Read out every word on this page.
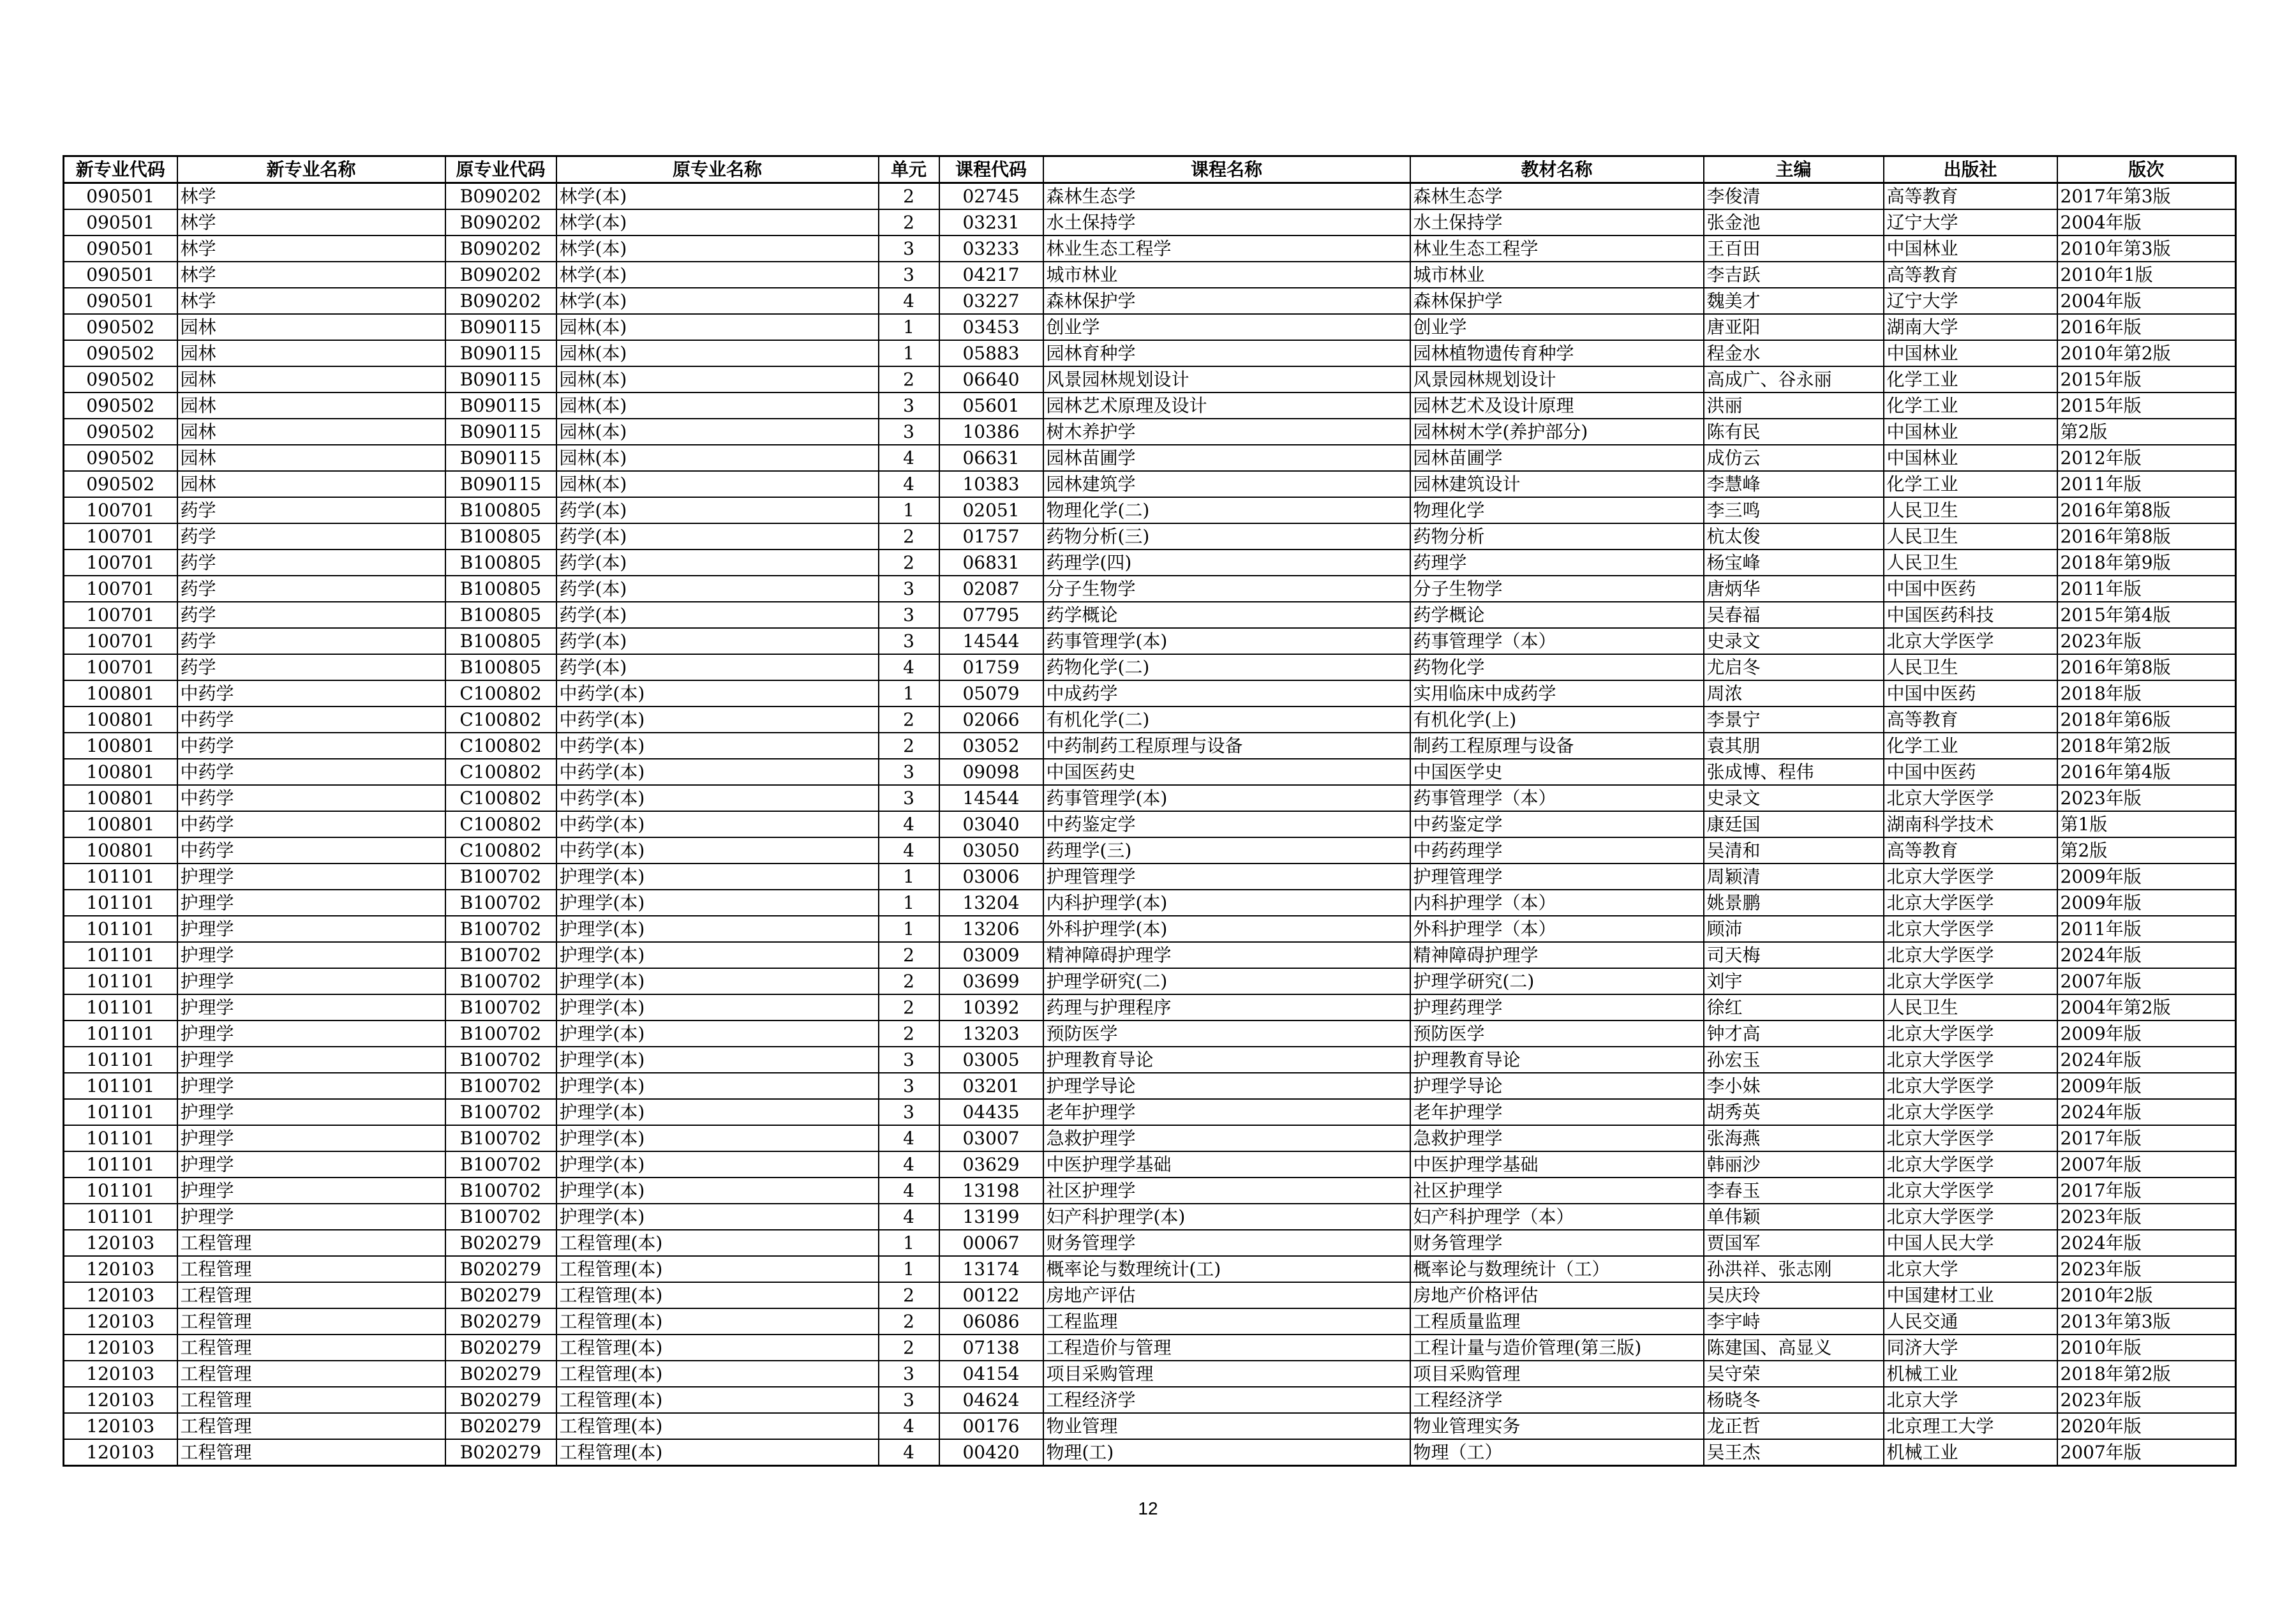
新专业代码	新专业名称	原专业代码	原专业名称	单元	课程代码	课程名称	教材名称	主编	出版社	版次
090501	林学	B090202	林学(本)	2	02745	森林生态学	森林生态学	李俊清	高等教育	2017年第3版
090501	林学	B090202	林学(本)	2	03231	水土保持学	水土保持学	张金池	辽宁大学	2004年版
090501	林学	B090202	林学(本)	3	03233	林业生态工程学	林业生态工程学	王百田	中国林业	2010年第3版
090501	林学	B090202	林学(本)	3	04217	城市林业	城市林业	李吉跃	高等教育	2010年1版
090501	林学	B090202	林学(本)	4	03227	森林保护学	森林保护学	魏美才	辽宁大学	2004年版
090502	园林	B090115	园林(本)	1	03453	创业学	创业学	唐亚阳	湖南大学	2016年版
090502	园林	B090115	园林(本)	1	05883	园林育种学	园林植物遗传育种学	程金水	中国林业	2010年第2版
090502	园林	B090115	园林(本)	2	06640	风景园林规划设计	风景园林规划设计	高成广、谷永丽	化学工业	2015年版
090502	园林	B090115	园林(本)	3	05601	园林艺术原理及设计	园林艺术及设计原理	洪丽	化学工业	2015年版
090502	园林	B090115	园林(本)	3	10386	树木养护学	园林树木学(养护部分)	陈有民	中国林业	第2版
090502	园林	B090115	园林(本)	4	06631	园林苗圃学	园林苗圃学	成仿云	中国林业	2012年版
090502	园林	B090115	园林(本)	4	10383	园林建筑学	园林建筑设计	李慧峰	化学工业	2011年版
100701	药学	B100805	药学(本)	1	02051	物理化学(二)	物理化学	李三鸣	人民卫生	2016年第8版
100701	药学	B100805	药学(本)	2	01757	药物分析(三)	药物分析	杭太俊	人民卫生	2016年第8版
100701	药学	B100805	药学(本)	2	06831	药理学(四)	药理学	杨宝峰	人民卫生	2018年第9版
100701	药学	B100805	药学(本)	3	02087	分子生物学	分子生物学	唐炳华	中国中医药	2011年版
100701	药学	B100805	药学(本)	3	07795	药学概论	药学概论	吴春福	中国医药科技	2015年第4版
100701	药学	B100805	药学(本)	3	14544	药事管理学(本)	药事管理学（本）	史录文	北京大学医学	2023年版
100701	药学	B100805	药学(本)	4	01759	药物化学(二)	药物化学	尤启冬	人民卫生	2016年第8版
100801	中药学	C100802	中药学(本)	1	05079	中成药学	实用临床中成药学	周浓	中国中医药	2018年版
100801	中药学	C100802	中药学(本)	2	02066	有机化学(二)	有机化学(上)	李景宁	高等教育	2018年第6版
100801	中药学	C100802	中药学(本)	2	03052	中药制药工程原理与设备	制药工程原理与设备	袁其朋	化学工业	2018年第2版
100801	中药学	C100802	中药学(本)	3	09098	中国医药史	中国医学史	张成博、程伟	中国中医药	2016年第4版
100801	中药学	C100802	中药学(本)	3	14544	药事管理学(本)	药事管理学（本）	史录文	北京大学医学	2023年版
100801	中药学	C100802	中药学(本)	4	03040	中药鉴定学	中药鉴定学	康廷国	湖南科学技术	第1版
100801	中药学	C100802	中药学(本)	4	03050	药理学(三)	中药药理学	吴清和	高等教育	第2版
101101	护理学	B100702	护理学(本)	1	03006	护理管理学	护理管理学	周颖清	北京大学医学	2009年版
101101	护理学	B100702	护理学(本)	1	13204	内科护理学(本)	内科护理学（本）	姚景鹏	北京大学医学	2009年版
101101	护理学	B100702	护理学(本)	1	13206	外科护理学(本)	外科护理学（本）	顾沛	北京大学医学	2011年版
101101	护理学	B100702	护理学(本)	2	03009	精神障碍护理学	精神障碍护理学	司天梅	北京大学医学	2024年版
101101	护理学	B100702	护理学(本)	2	03699	护理学研究(二)	护理学研究(二)	刘宇	北京大学医学	2007年版
101101	护理学	B100702	护理学(本)	2	10392	药理与护理程序	护理药理学	徐红	人民卫生	2004年第2版
101101	护理学	B100702	护理学(本)	2	13203	预防医学	预防医学	钟才高	北京大学医学	2009年版
101101	护理学	B100702	护理学(本)	3	03005	护理教育导论	护理教育导论	孙宏玉	北京大学医学	2024年版
101101	护理学	B100702	护理学(本)	3	03201	护理学导论	护理学导论	李小妹	北京大学医学	2009年版
101101	护理学	B100702	护理学(本)	3	04435	老年护理学	老年护理学	胡秀英	北京大学医学	2024年版
101101	护理学	B100702	护理学(本)	4	03007	急救护理学	急救护理学	张海燕	北京大学医学	2017年版
101101	护理学	B100702	护理学(本)	4	03629	中医护理学基础	中医护理学基础	韩丽沙	北京大学医学	2007年版
101101	护理学	B100702	护理学(本)	4	13198	社区护理学	社区护理学	李春玉	北京大学医学	2017年版
101101	护理学	B100702	护理学(本)	4	13199	妇产科护理学(本)	妇产科护理学（本）	单伟颖	北京大学医学	2023年版
120103	工程管理	B020279	工程管理(本)	1	00067	财务管理学	财务管理学	贾国军	中国人民大学	2024年版
120103	工程管理	B020279	工程管理(本)	1	13174	概率论与数理统计(工)	概率论与数理统计（工）	孙洪祥、张志刚	北京大学	2023年版
120103	工程管理	B020279	工程管理(本)	2	00122	房地产评估	房地产价格评估	吴庆玲	中国建材工业	2010年2版
120103	工程管理	B020279	工程管理(本)	2	06086	工程监理	工程质量监理	李宇峙	人民交通	2013年第3版
120103	工程管理	B020279	工程管理(本)	2	07138	工程造价与管理	工程计量与造价管理(第三版)	陈建国、高显义	同济大学	2010年版
120103	工程管理	B020279	工程管理(本)	3	04154	项目采购管理	项目采购管理	吴守荣	机械工业	2018年第2版
120103	工程管理	B020279	工程管理(本)	3	04624	工程经济学	工程经济学	杨晓冬	北京大学	2023年版
120103	工程管理	B020279	工程管理(本)	4	00176	物业管理	物业管理实务	龙正哲	北京理工大学	2020年版
120103	工程管理	B020279	工程管理(本)	4	00420	物理(工)	物理（工）	吴王杰	机械工业	2007年版
12
